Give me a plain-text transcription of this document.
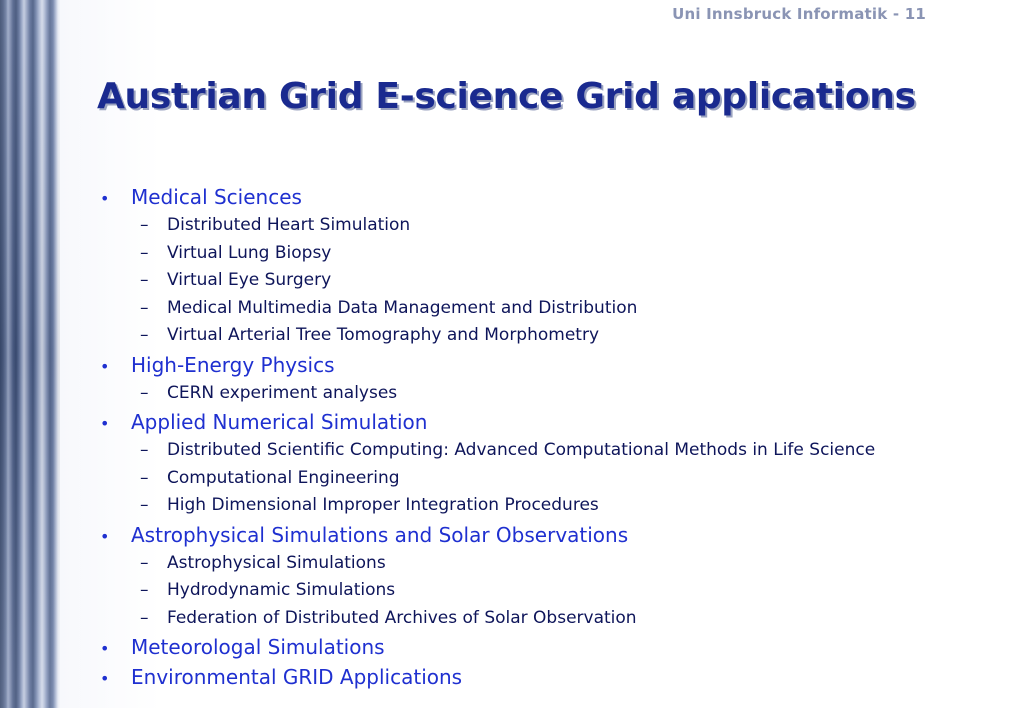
Uni Innsbruck Informatik - 11
Austrian Grid E-science Grid applications
•	Medical Sciences
–	Distributed Heart Simulation
–	Virtual Lung Biopsy
–	Virtual Eye Surgery
–	Medical Multimedia Data Management and Distribution
–	Virtual Arterial Tree Tomography and Morphometry
•	High-Energy Physics
–	CERN experiment analyses
•	Applied Numerical Simulation
–	Distributed Scientific Computing: Advanced Computational Methods in Life Science
–	Computational Engineering
–	High Dimensional Improper Integration Procedures
•	Astrophysical Simulations and Solar Observations
–	Astrophysical Simulations
–	Hydrodynamic Simulations
–	Federation of Distributed Archives of Solar Observation
•	Meteorologal Simulations
•	Environmental GRID Applications
